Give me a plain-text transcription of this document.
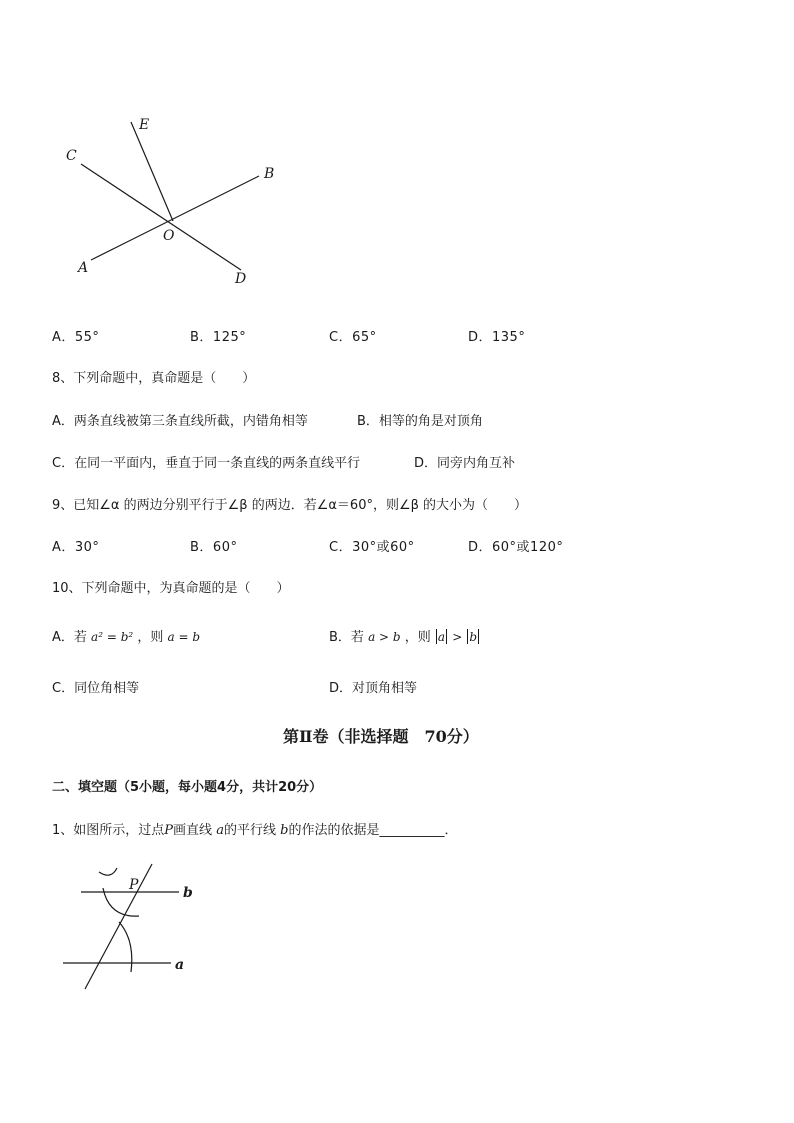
E
C
B
O
A
D
A．55°	B．125°	C．65°	D．135°
8、下列命题中，真命题是（　　）
A．两条直线被第三条直线所截，内错角相等	B．相等的角是对顶角
C．在同一平面内，垂直于同一条直线的两条直线平行	D．同旁内角互补
9、已知∠α 的两边分别平行于∠β 的两边．若∠α＝60°，则∠β 的大小为（　　）
A．30°	B．60°	C．30°或60°	D．60°或120°
10、下列命题中，为真命题的是（　　）
A．若 a² = b² ，则 a = b	B．若 a > b ，则 a > b
C．同位角相等	D．对顶角相等
第Ⅱ卷（非选择题　70分）
二、填空题（5小题，每小题4分，共计20分）
1、如图所示，过点P画直线 a的平行线 b的作法的依据是__________．
P	b
a
